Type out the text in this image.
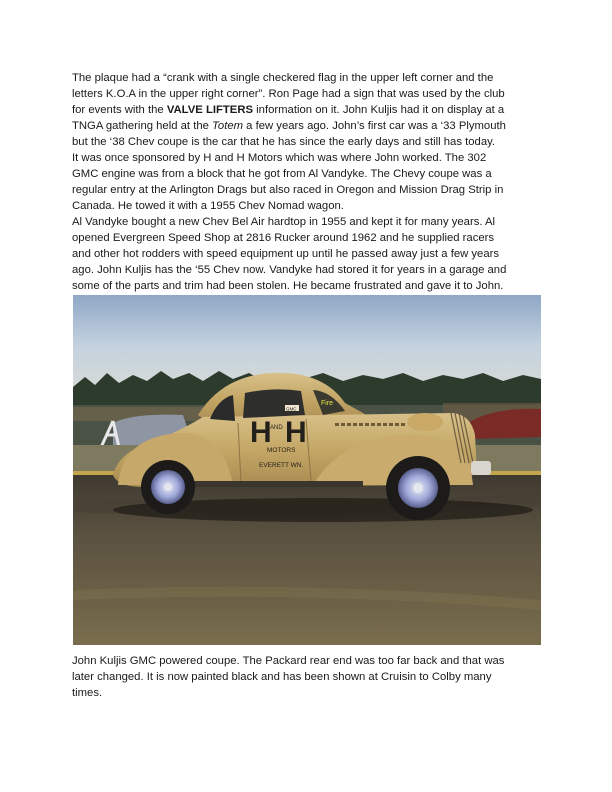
The plaque had a “crank with a single checkered flag in the upper left corner and the
letters K.O.A in the upper right corner”. Ron Page had a sign that was used by the club
for events with the VALVE LIFTERS information on it. John Kuljis had it on display at a
TNGA gathering held at the Totem a few years ago. John’s first car was a ‘33 Plymouth
but the ‘38 Chev coupe is the car that he has since the early days and still has today.
It was once sponsored by H and H Motors which was where John worked. The 302
GMC engine was from a block that he got from Al Vandyke. The Chevy coupe was a
regular entry at the Arlington Drags but also raced in Oregon and Mission Drag Strip in
Canada. He towed it with a 1955 Chev Nomad wagon.
Al Vandyke bought a new Chev Bel Air hardtop in 1955 and kept it for many years. Al
opened Evergreen Speed Shop at 2816 Rucker around 1962 and he supplied racers
and other hot rodders with speed equipment up until he passed away just a few years
ago. John Kuljis has the ‘55 Chev now. Vandyke had stored it for years in a garage and
some of the parts and trim had been stolen. He became frustrated and gave it to John.
Fire
GMC
H
AND H
MOTORS
EVERETT WN.
John Kuljis GMC powered coupe. The Packard rear end was too far back and that was
later changed. It is now painted black and has been shown at Cruisin to Colby many
times.
